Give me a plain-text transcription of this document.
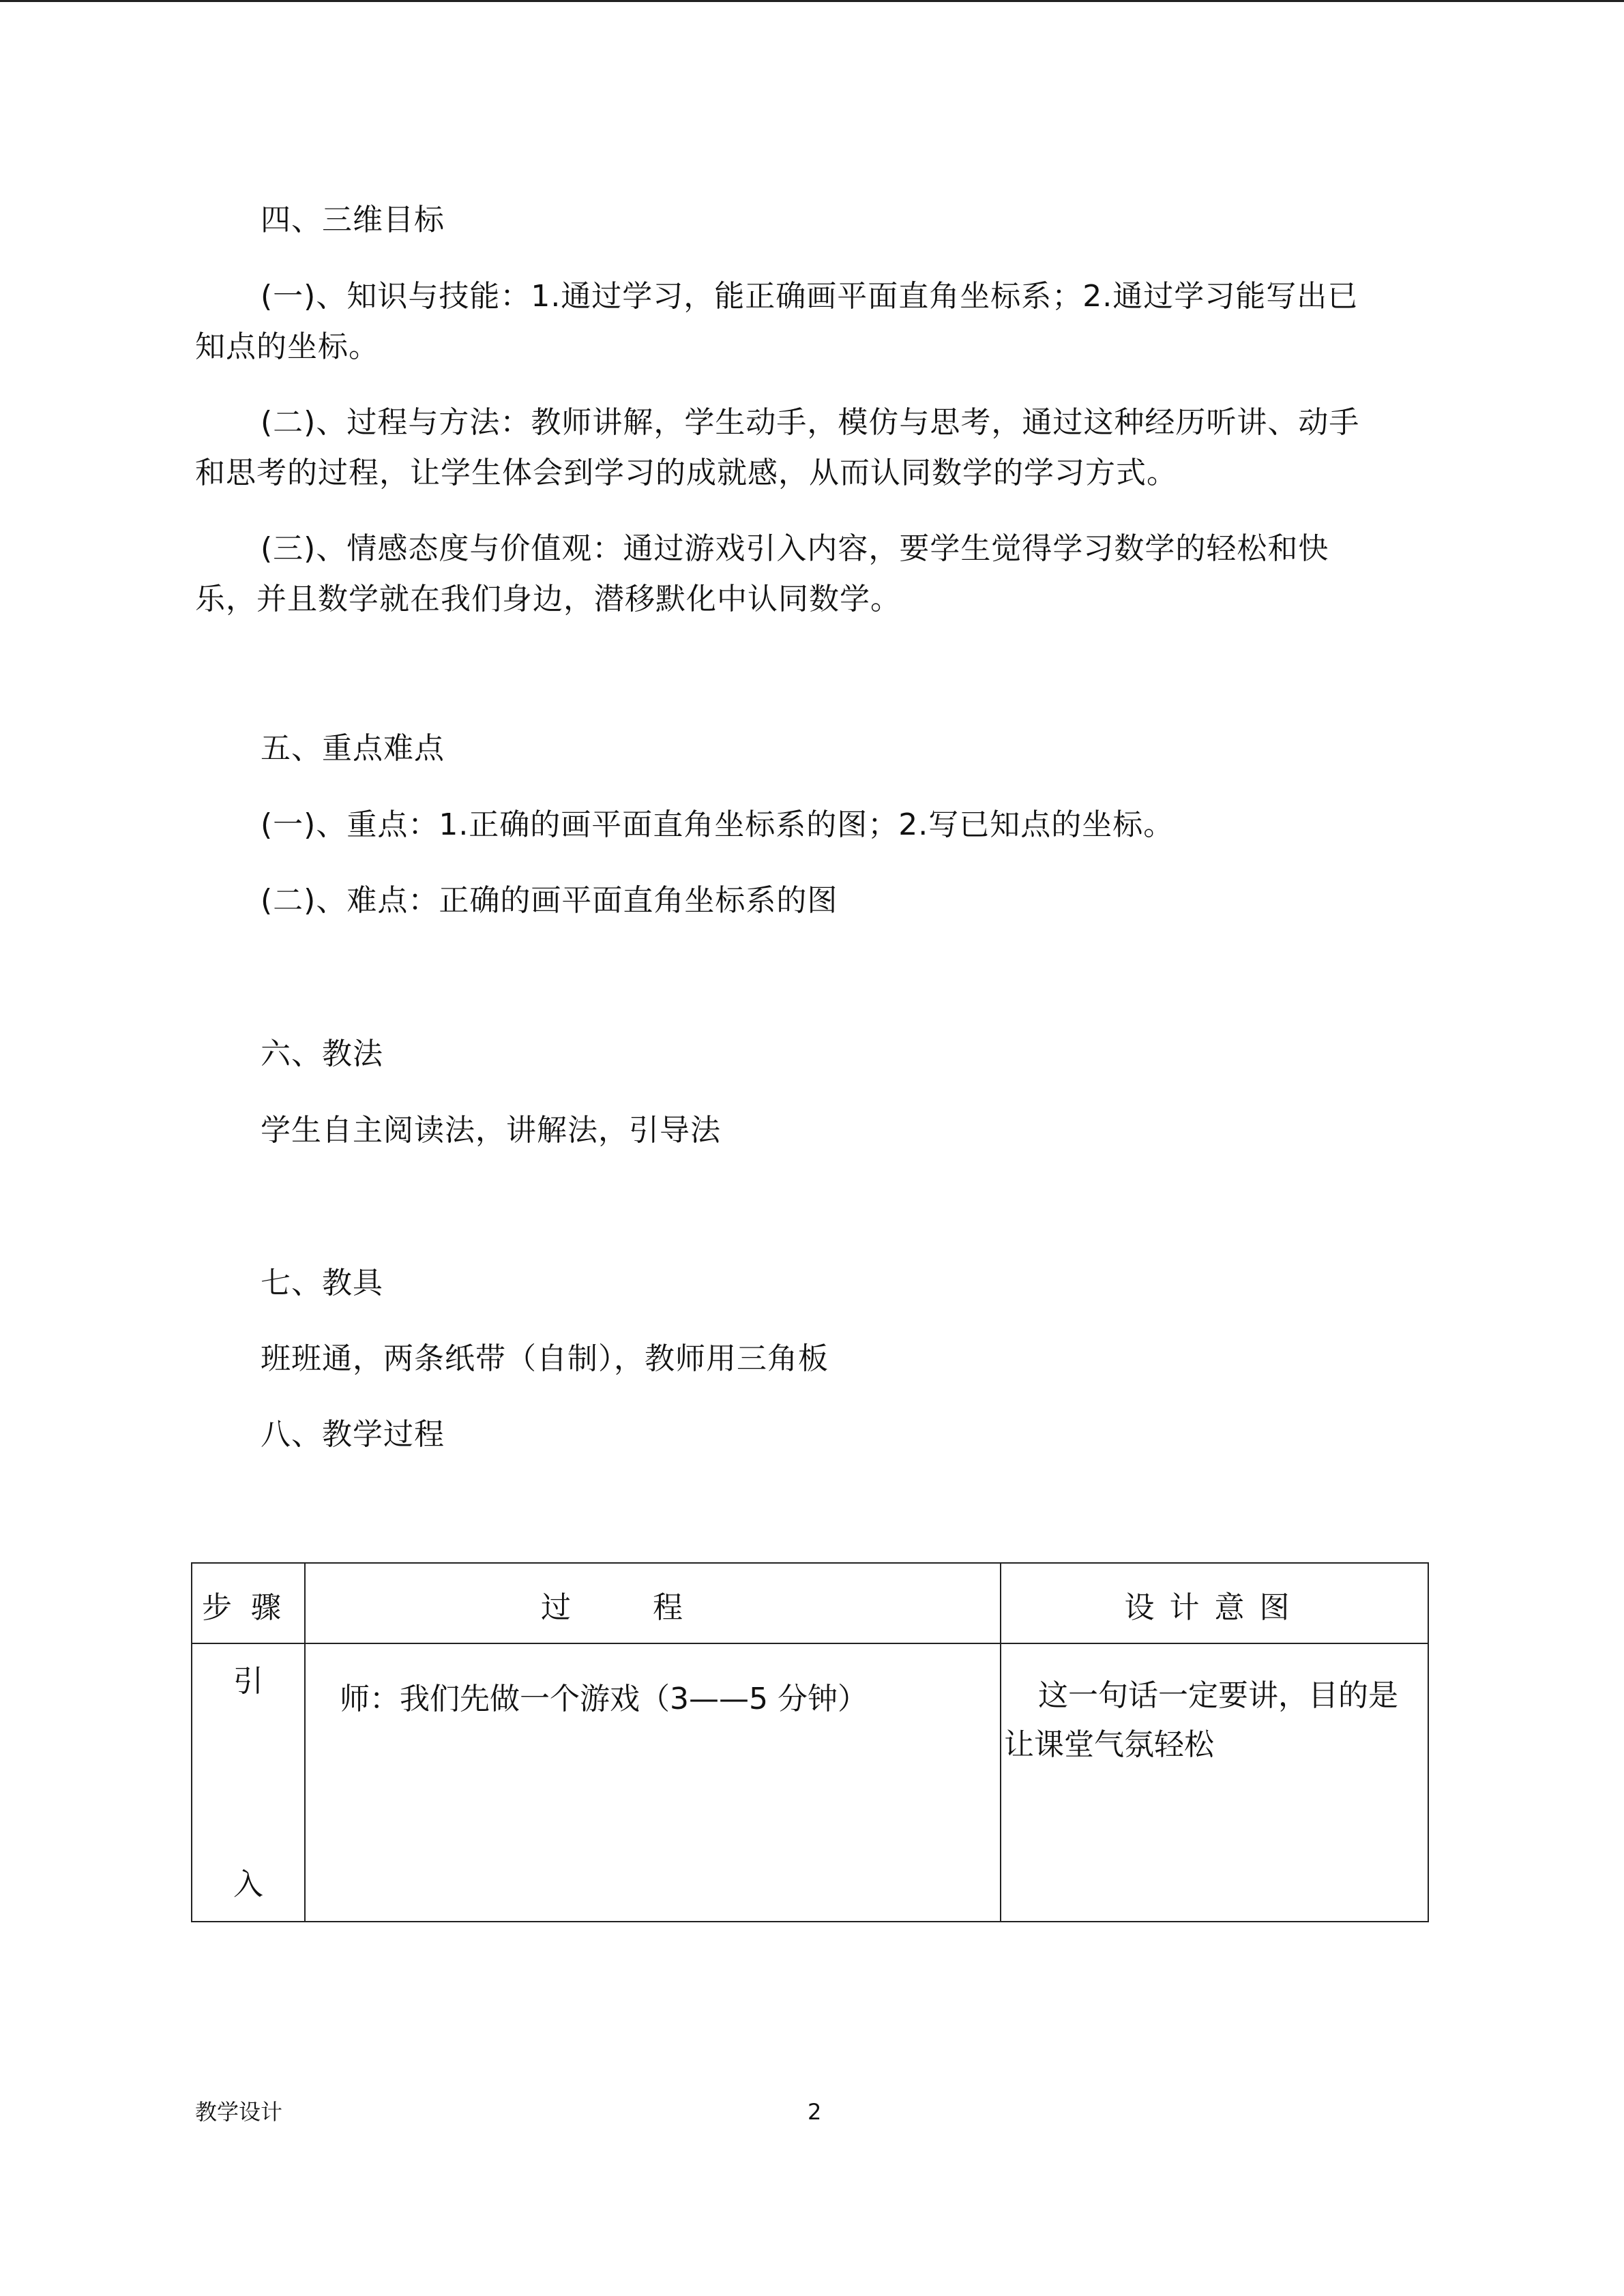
四、三维目标
(一)、知识与技能：1.通过学习，能正确画平面直角坐标系；2.通过学习能写出已
知点的坐标。
(二)、过程与方法：教师讲解，学生动手，模仿与思考，通过这种经历听讲、动手
和思考的过程，让学生体会到学习的成就感，从而认同数学的学习方式。
(三)、情感态度与价值观：通过游戏引入内容，要学生觉得学习数学的轻松和快
乐，并且数学就在我们身边，潜移默化中认同数学。
五、重点难点
(一)、重点：1.正确的画平面直角坐标系的图；2.写已知点的坐标。
(二)、难点：正确的画平面直角坐标系的图
六、教法
学生自主阅读法，讲解法，引导法
七、教具
班班通，两条纸带（自制），教师用三角板
八、教学过程
步  骤	过程	设计意图

引
入	师：我们先做一个游戏（3——5 分钟）	这一句话一定要讲，目的是让课堂气氛轻松
教学设计	2
